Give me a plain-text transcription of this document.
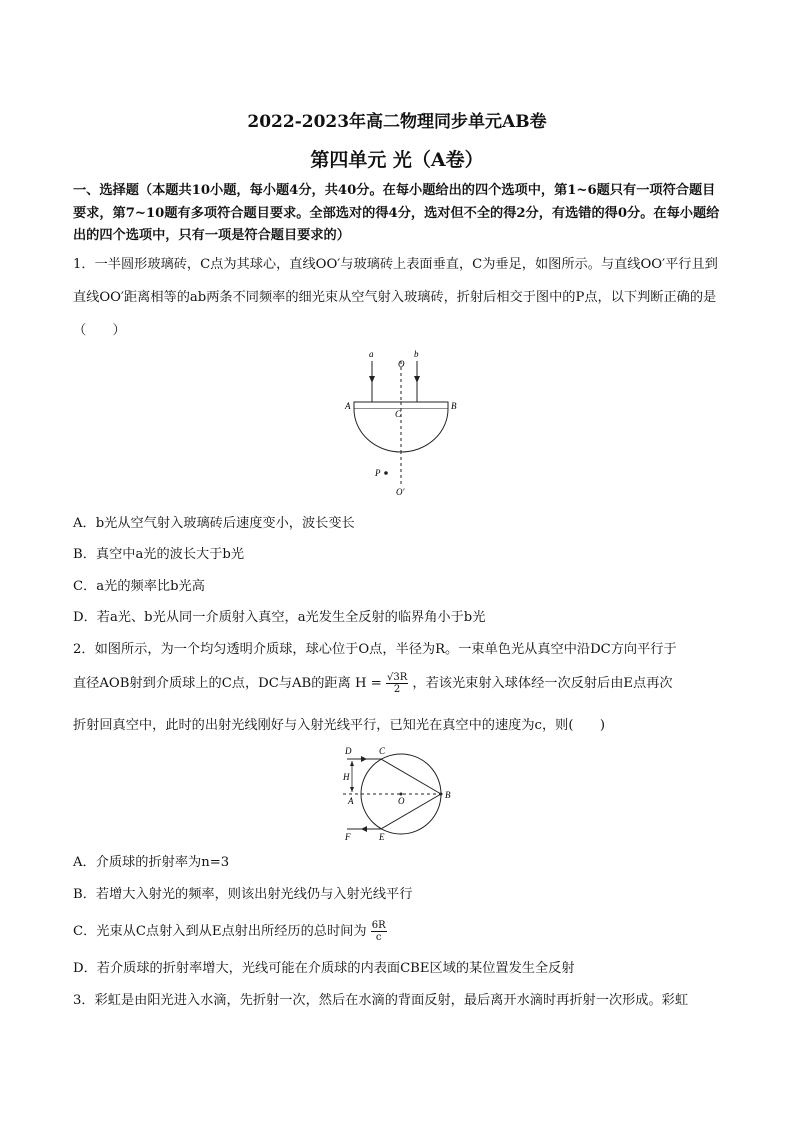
2022-2023年高二物理同步单元AB卷
第四单元 光（A卷）
一、选择题（本题共10小题，每小题4分，共40分。在每小题给出的四个选项中，第1~6题只有一项符合题目要求，第7~10题有多项符合题目要求。全部选对的得4分，选对但不全的得2分，有选错的得0分。在每小题给出的四个选项中，只有一项是符合题目要求的）
1．一半圆形玻璃砖，C点为其球心，直线OO′与玻璃砖上表面垂直，C为垂足，如图所示。与直线OO′平行且到直线OO′距离相等的ab两条不同频率的细光束从空气射入玻璃砖，折射后相交于图中的P点，以下判断正确的是（　　）
a
O
b
A
C
B
P
O′
A．b光从空气射入玻璃砖后速度变小，波长变长
B．真空中a光的波长大于b光
C．a光的频率比b光高
D．若a光、b光从同一介质射入真空，a光发生全反射的临界角小于b光
2．如图所示，为一个均匀透明介质球，球心位于O点，半径为R。一束单色光从真空中沿DC方向平行于
直径AOB射到介质球上的C点，DC与AB的距离 $H = \frac{√3R}{2}$ ，若该光束射入球体经一次反射后由E点再次
折射回真空中，此时的出射光线刚好与入射光线平行，已知光在真空中的速度为c，则(　　)
D	C
H
A	O
B
F	E
A．介质球的折射率为n=3
B．若增大入射光的频率，则该出射光线仍与入射光线平行
C．光束从C点射入到从E点射出所经历的总时间为 $\frac{6R}{c}$
D．若介质球的折射率增大，光线可能在介质球的内表面CBE区域的某位置发生全反射
3．彩虹是由阳光进入水滴，先折射一次，然后在水滴的背面反射，最后离开水滴时再折射一次形成。彩虹
